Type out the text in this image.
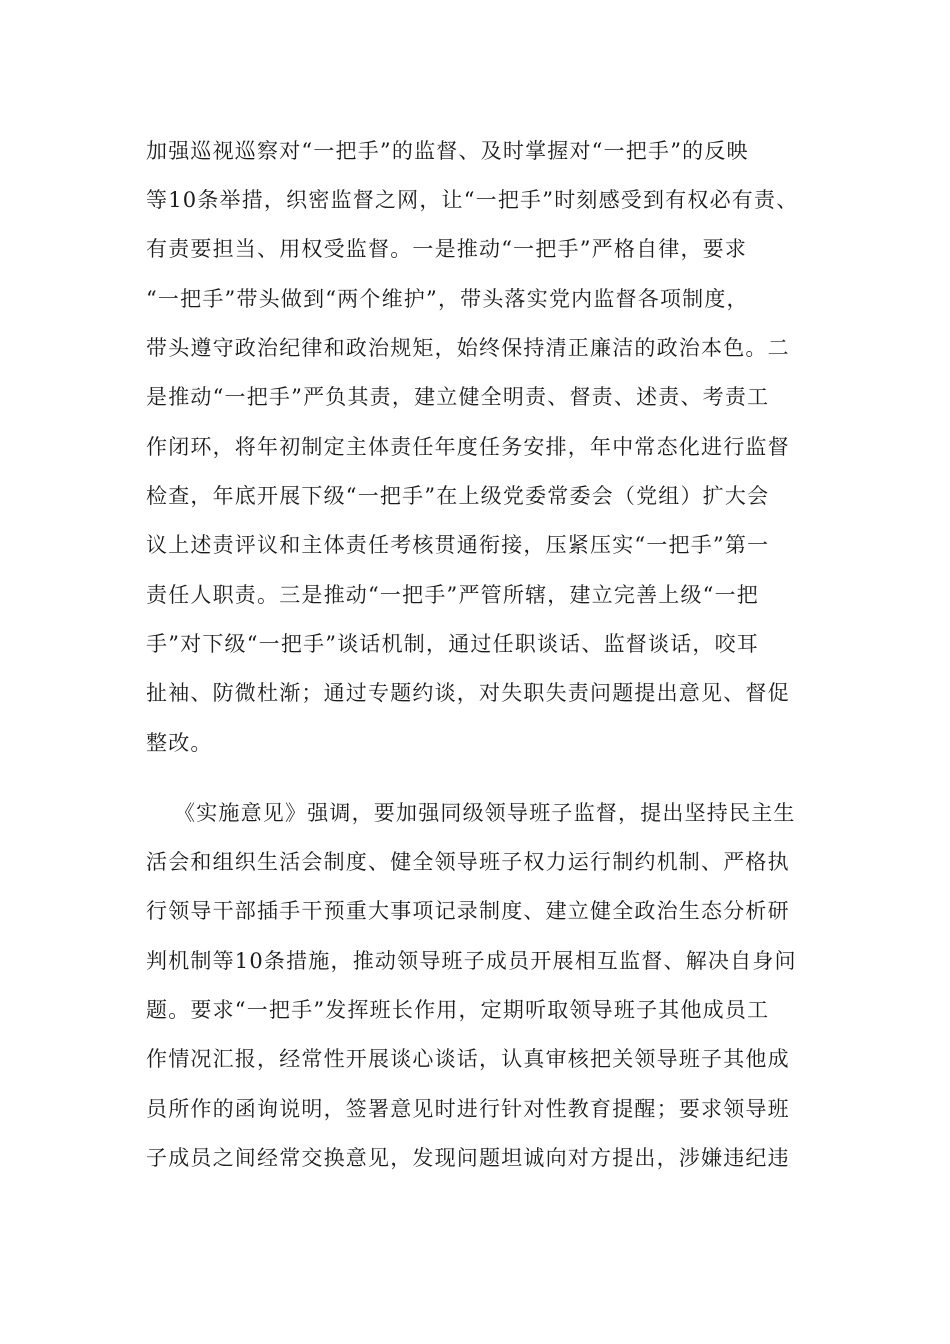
加强巡视巡察对“一把手”的监督、及时掌握对“一把手”的反映
等10条举措，织密监督之网，让“一把手”时刻感受到有权必有责、
有责要担当、用权受监督。一是推动“一把手”严格自律，要求
“一把手”带头做到“两个维护”，带头落实党内监督各项制度，
带头遵守政治纪律和政治规矩，始终保持清正廉洁的政治本色。二
是推动“一把手”严负其责，建立健全明责、督责、述责、考责工
作闭环，将年初制定主体责任年度任务安排，年中常态化进行监督
检查，年底开展下级“一把手”在上级党委常委会（党组）扩大会
议上述责评议和主体责任考核贯通衔接，压紧压实“一把手”第一
责任人职责。三是推动“一把手”严管所辖，建立完善上级“一把
手”对下级“一把手”谈话机制，通过任职谈话、监督谈话，咬耳
扯袖、防微杜渐；通过专题约谈，对失职失责问题提出意见、督促
整改。
《实施意见》强调，要加强同级领导班子监督，提出坚持民主生
活会和组织生活会制度、健全领导班子权力运行制约机制、严格执
行领导干部插手干预重大事项记录制度、建立健全政治生态分析研
判机制等10条措施，推动领导班子成员开展相互监督、解决自身问
题。要求“一把手”发挥班长作用，定期听取领导班子其他成员工
作情况汇报，经常性开展谈心谈话，认真审核把关领导班子其他成
员所作的函询说明，签署意见时进行针对性教育提醒；要求领导班
子成员之间经常交换意见，发现问题坦诚向对方提出，涉嫌违纪违
